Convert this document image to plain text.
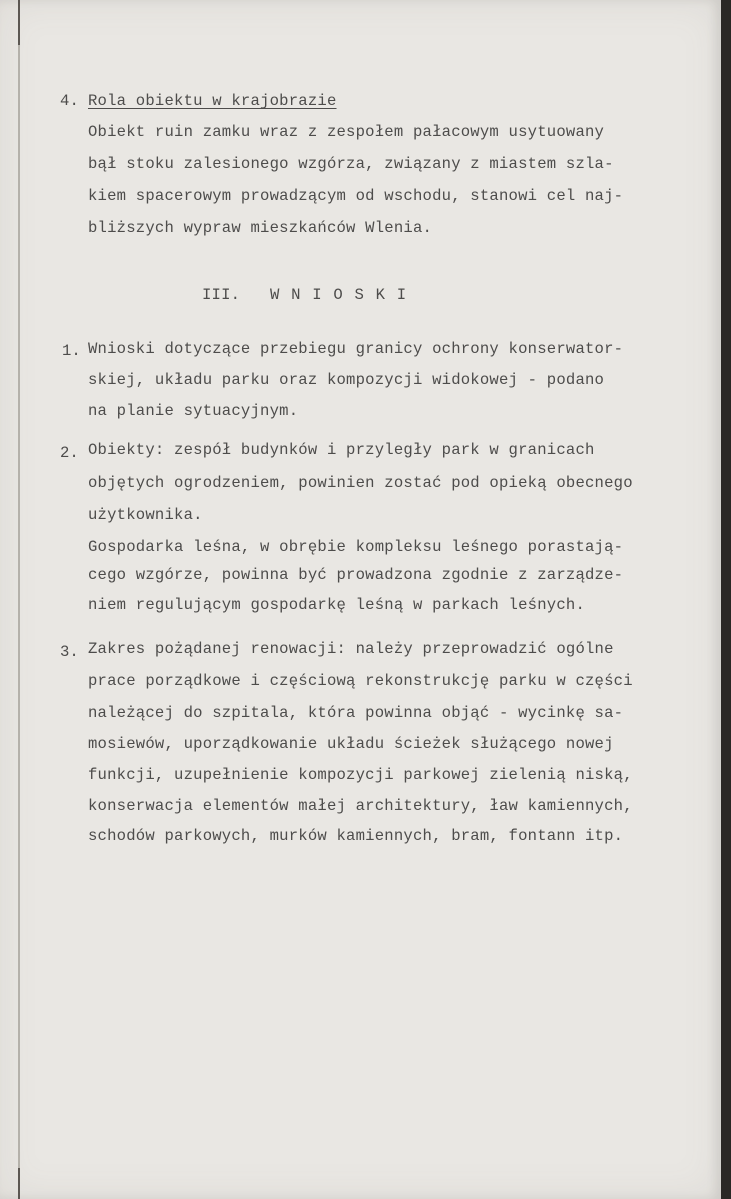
4. Rola obiektu w krajobrazie
Obiekt ruin zamku wraz z zespołem pałacowym usytuowany
bął stoku zalesionego wzgórza, związany z miastem szla-
kiem spacerowym prowadzącym od wschodu, stanowi cel naj-
bliższych wypraw mieszkańców Wlenia.
III. W N I O S K I
1. Wnioski dotyczące przebiegu granicy ochrony konserwator-
skiej, układu parku oraz kompozycji widokowej - podano
na planie sytuacyjnym.
2. Obiekty: zespół budynków i przyległy park w granicach
objętych ogrodzeniem, powinien zostać pod opieką obecnego
użytkownika.
Gospodarka leśna, w obrębie kompleksu leśnego porastają-
cego wzgórze, powinna być prowadzona zgodnie z zarządze-
niem regulującym gospodarkę leśną w parkach leśnych.
3. Zakres pożądanej renowacji: należy przeprowadzić ogólne
prace porządkowe i częściową rekonstrukcję parku w części
należącej do szpitala, która powinna objąć - wycinkę sa-
mosiewów, uporządkowanie układu ścieżek służącego nowej
funkcji, uzupełnienie kompozycji parkowej zielenią niską,
konserwacja elementów małej architektury, ław kamiennych,
schodów parkowych, murków kamiennych, bram, fontann itp.
